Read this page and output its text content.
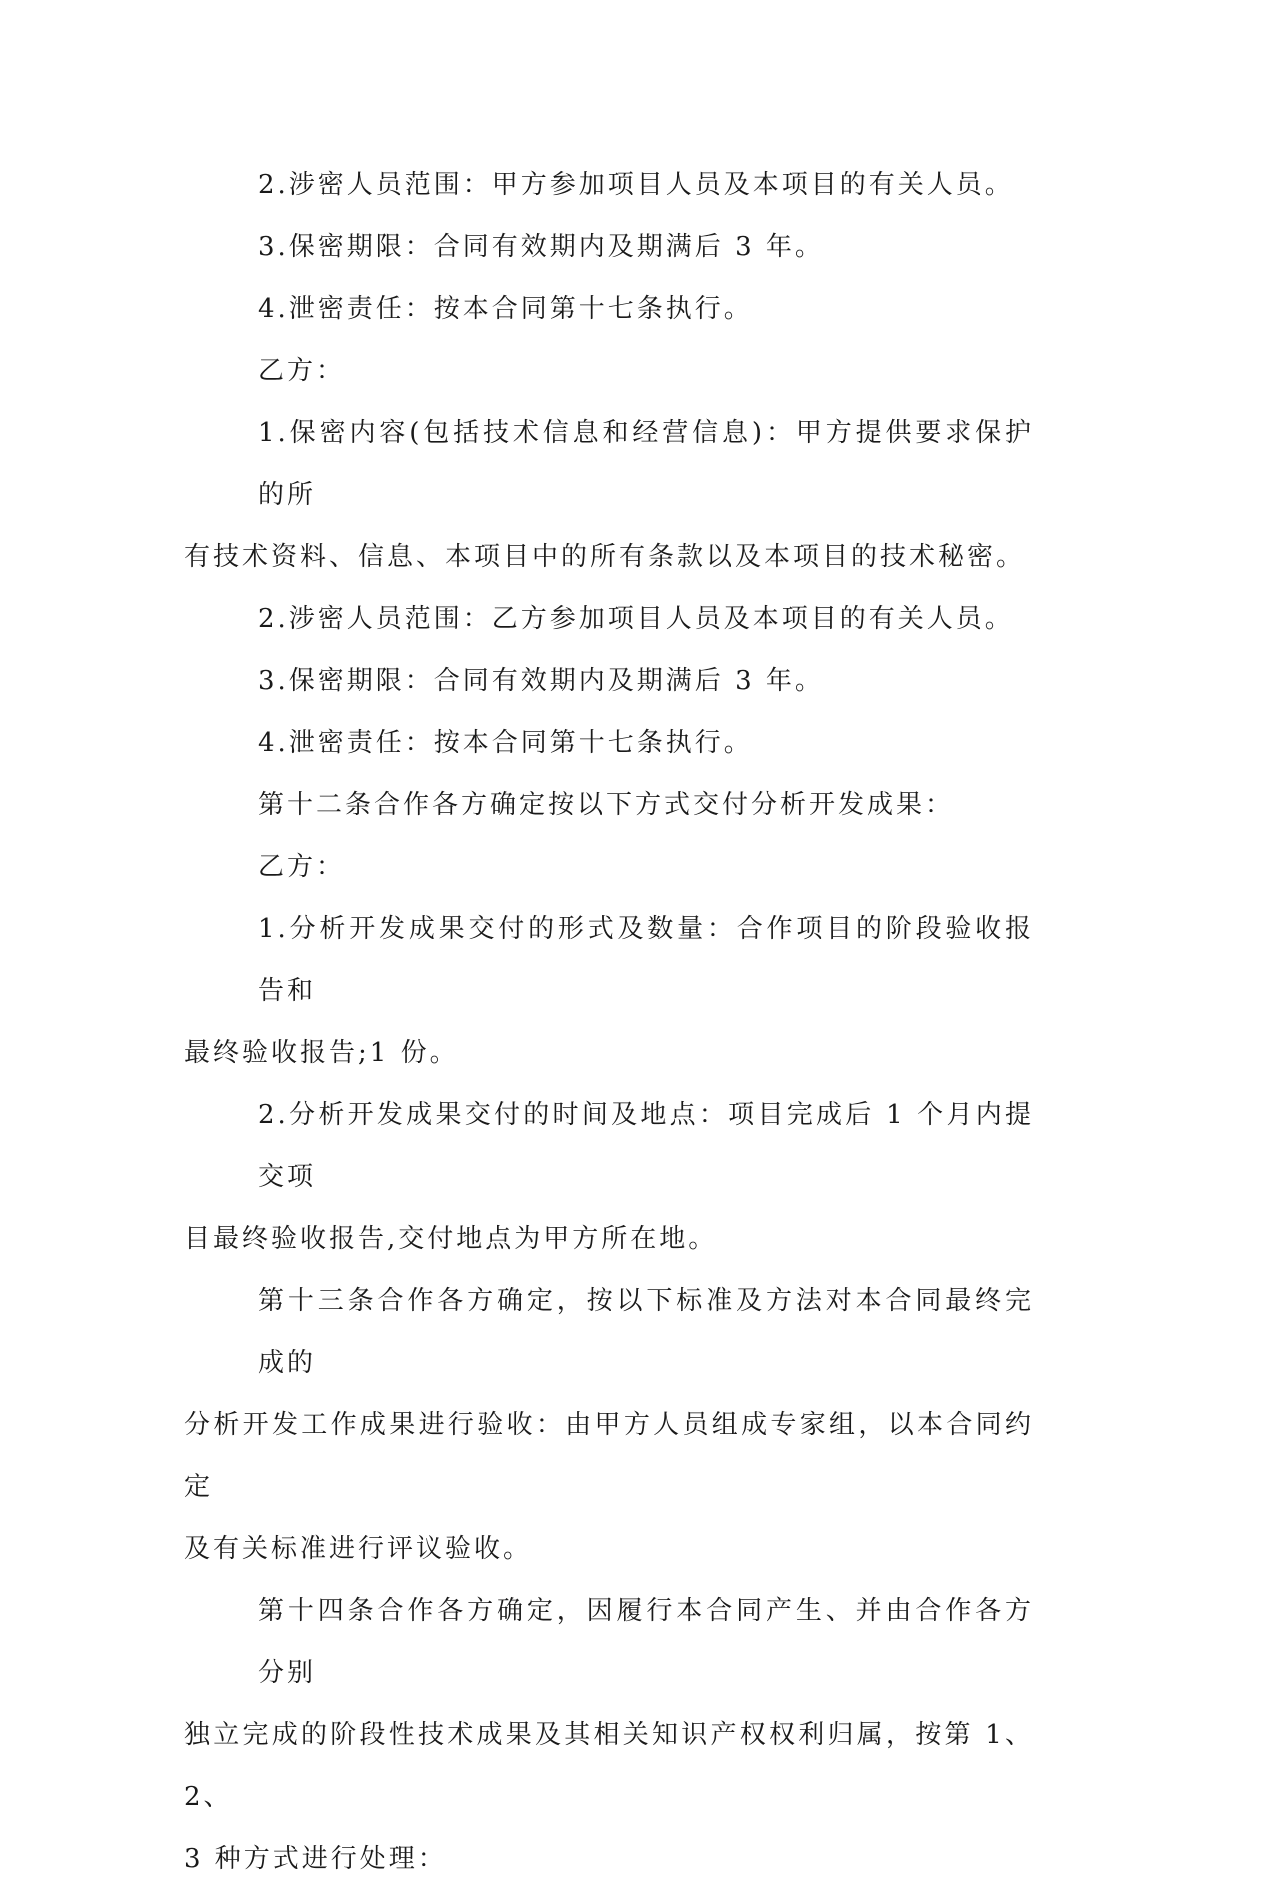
2.涉密人员范围：甲方参加项目人员及本项目的有关人员。

3.保密期限：合同有效期内及期满后 3 年。

4.泄密责任：按本合同第十七条执行。

乙方：

1.保密内容(包括技术信息和经营信息)：甲方提供要求保护的所
有技术资料、信息、本项目中的所有条款以及本项目的技术秘密。

2.涉密人员范围：乙方参加项目人员及本项目的有关人员。

3.保密期限：合同有效期内及期满后 3 年。

4.泄密责任：按本合同第十七条执行。

第十二条合作各方确定按以下方式交付分析开发成果：

乙方：

1.分析开发成果交付的形式及数量：合作项目的阶段验收报告和
最终验收报告;1 份。

2.分析开发成果交付的时间及地点：项目完成后 1 个月内提交项
目最终验收报告,交付地点为甲方所在地。

第十三条合作各方确定，按以下标准及方法对本合同最终完成的
分析开发工作成果进行验收：由甲方人员组成专家组，以本合同约定
及有关标准进行评议验收。

第十四条合作各方确定，因履行本合同产生、并由合作各方分别
独立完成的阶段性技术成果及其相关知识产权权利归属，按第 1、2、
3 种方式进行处理：
